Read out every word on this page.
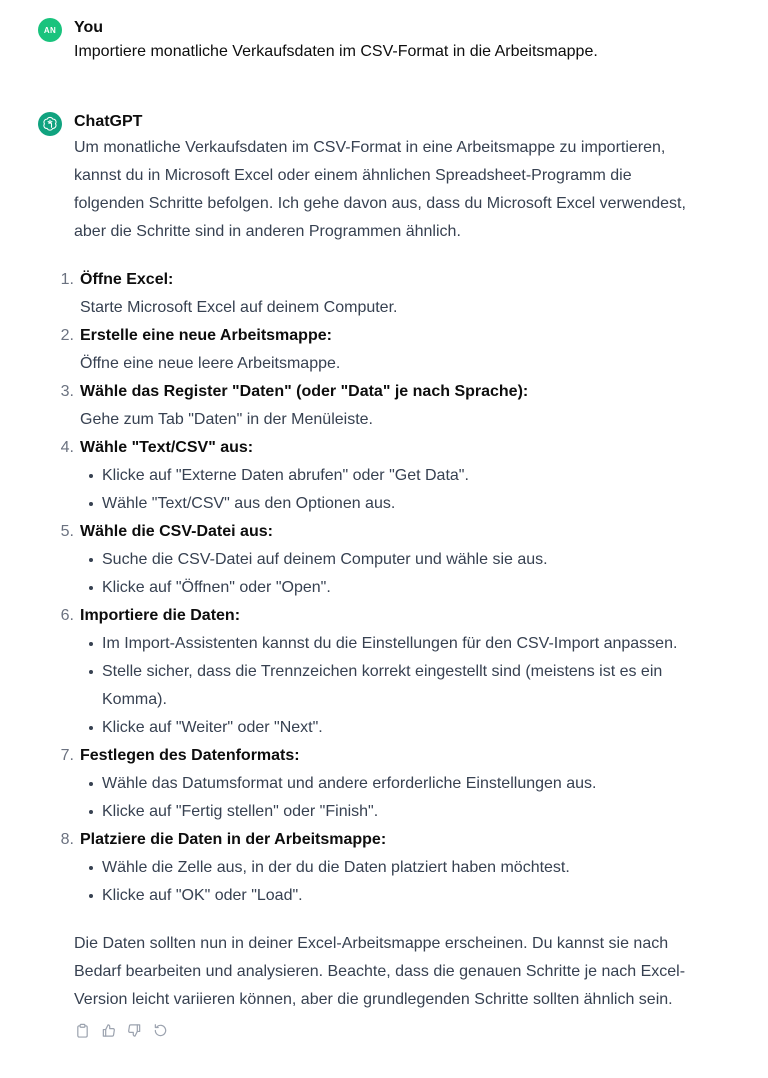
AN	You
Importiere monatliche Verkaufsdaten im CSV-Format in die Arbeitsmappe.
ChatGPT

Um monatliche Verkaufsdaten im CSV-Format in eine Arbeitsmappe zu importieren, kannst du in Microsoft Excel oder einem ähnlichen Spreadsheet-Programm die folgenden Schritte befolgen. Ich gehe davon aus, dass du Microsoft Excel verwendest, aber die Schritte sind in anderen Programmen ähnlich.

1. Öffne Excel:
Starte Microsoft Excel auf deinem Computer.
2. Erstelle eine neue Arbeitsmappe:
Öffne eine neue leere Arbeitsmappe.
3. Wähle das Register "Daten" (oder "Data" je nach Sprache):
Gehe zum Tab "Daten" in der Menüleiste.
4. Wähle "Text/CSV" aus:
Klicke auf "Externe Daten abrufen" oder "Get Data".
Wähle "Text/CSV" aus den Optionen aus.
5. Wähle die CSV-Datei aus:
Suche die CSV-Datei auf deinem Computer und wähle sie aus.
Klicke auf "Öffnen" oder "Open".
6. Importiere die Daten:
Im Import-Assistenten kannst du die Einstellungen für den CSV-Import anpassen.
Stelle sicher, dass die Trennzeichen korrekt eingestellt sind (meistens ist es ein Komma).
Klicke auf "Weiter" oder "Next".
7. Festlegen des Datenformats:
Wähle das Datumsformat und andere erforderliche Einstellungen aus.
Klicke auf "Fertig stellen" oder "Finish".
8. Platziere die Daten in der Arbeitsmappe:
Wähle die Zelle aus, in der du die Daten platziert haben möchtest.
Klicke auf "OK" oder "Load".

Die Daten sollten nun in deiner Excel-Arbeitsmappe erscheinen. Du kannst sie nach Bedarf bearbeiten und analysieren. Beachte, dass die genauen Schritte je nach Excel-Version leicht variieren können, aber die grundlegenden Schritte sollten ähnlich sein.
